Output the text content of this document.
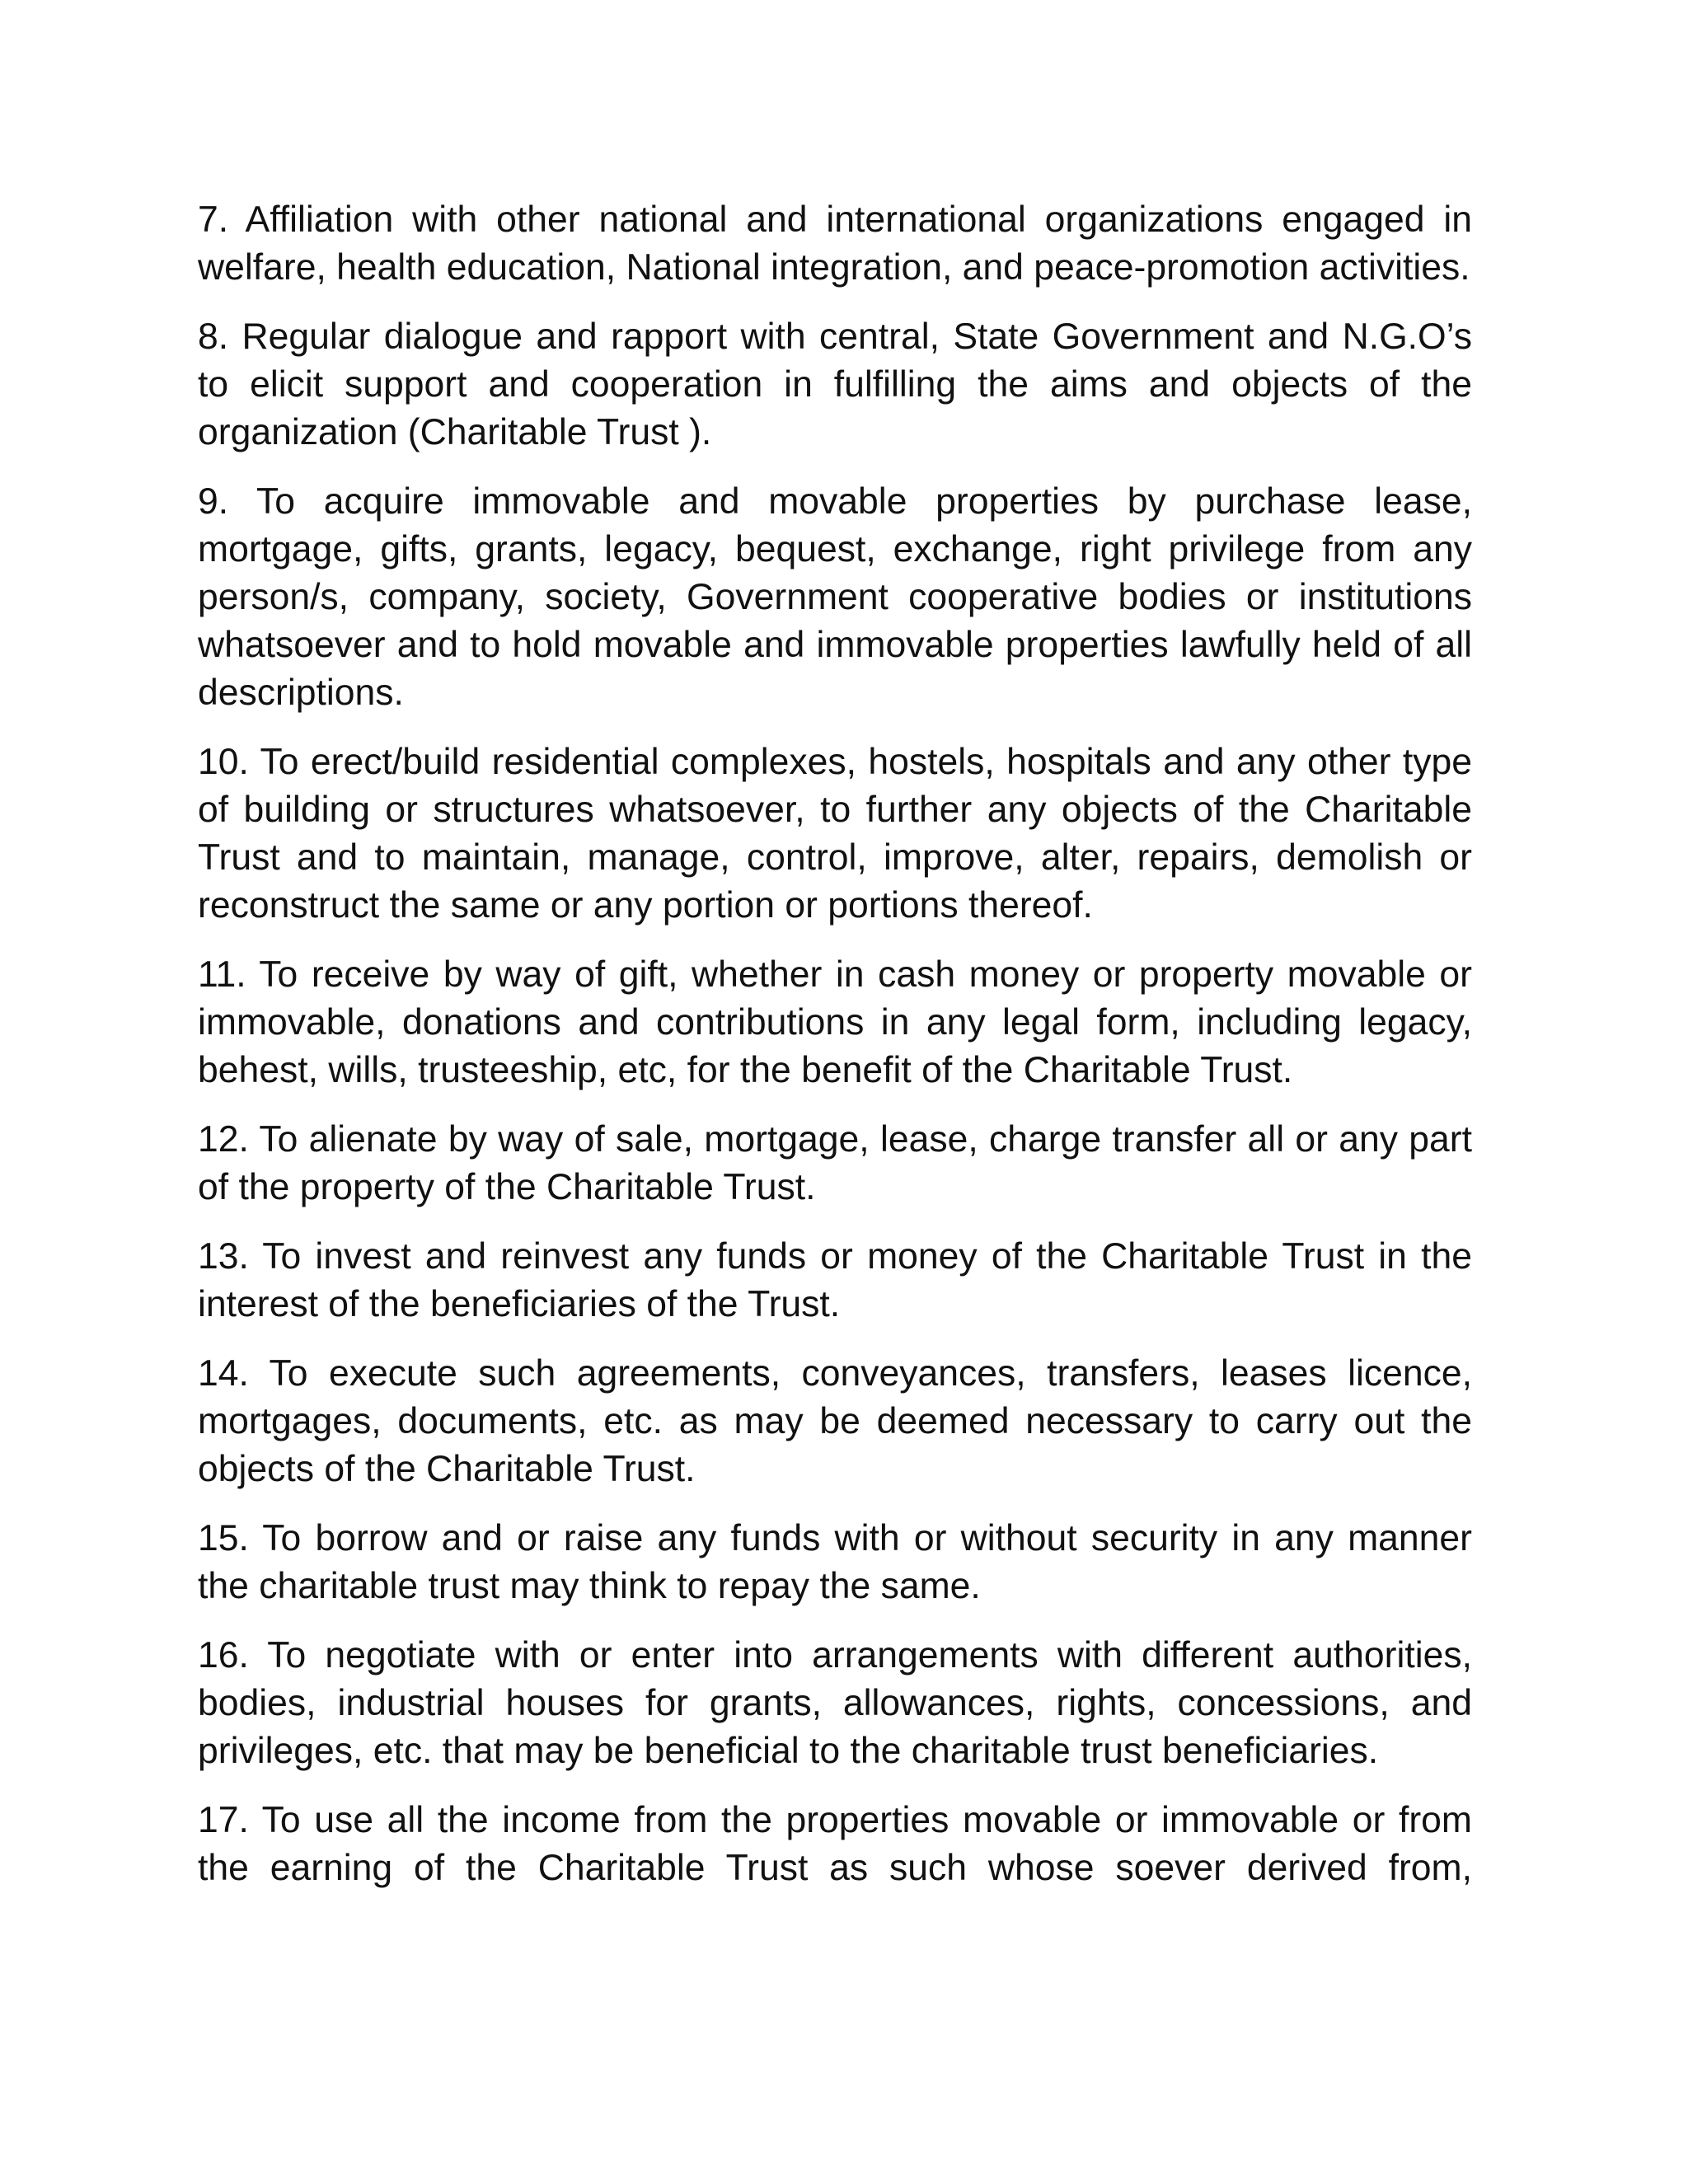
7. Affiliation with other national and international organizations engaged in welfare, health education, National integration, and peace-promotion activities.

8. Regular dialogue and rapport with central, State Government and N.G.O’s to elicit support and cooperation in fulfilling the aims and objects of the organization (Charitable Trust ).

9. To acquire immovable and movable properties by purchase lease, mortgage, gifts, grants, legacy, bequest, exchange, right privilege from any person/s, company, society, Government cooperative bodies or institutions whatsoever and to hold movable and immovable properties lawfully held of all descriptions.

10. To erect/build residential complexes, hostels, hospitals and any other type of building or structures whatsoever, to further any objects of the Charitable Trust and to maintain, manage, control, improve, alter, repairs, demolish or reconstruct the same or any portion or portions thereof.

11. To receive by way of gift, whether in cash money or property movable or immovable, donations and contributions in any legal form, including legacy, behest, wills, trusteeship, etc, for the benefit of the Charitable Trust.

12. To alienate by way of sale, mortgage, lease, charge transfer all or any part of the property of the Charitable Trust.

13. To invest and reinvest any funds or money of the Charitable Trust in the interest of the beneficiaries of the Trust.

14. To execute such agreements, conveyances, transfers, leases licence, mortgages, documents, etc. as may be deemed necessary to carry out the objects of the Charitable Trust.

15. To borrow and or raise any funds with or without security in any manner the charitable trust may think to repay the same.

16. To negotiate with or enter into arrangements with different authorities, bodies, industrial houses for grants, allowances, rights, concessions, and privileges, etc. that may be beneficial to the charitable trust beneficiaries.

17. To use all the income from the properties movable or immovable or from the earning of the Charitable Trust as such whose soever derived from,
